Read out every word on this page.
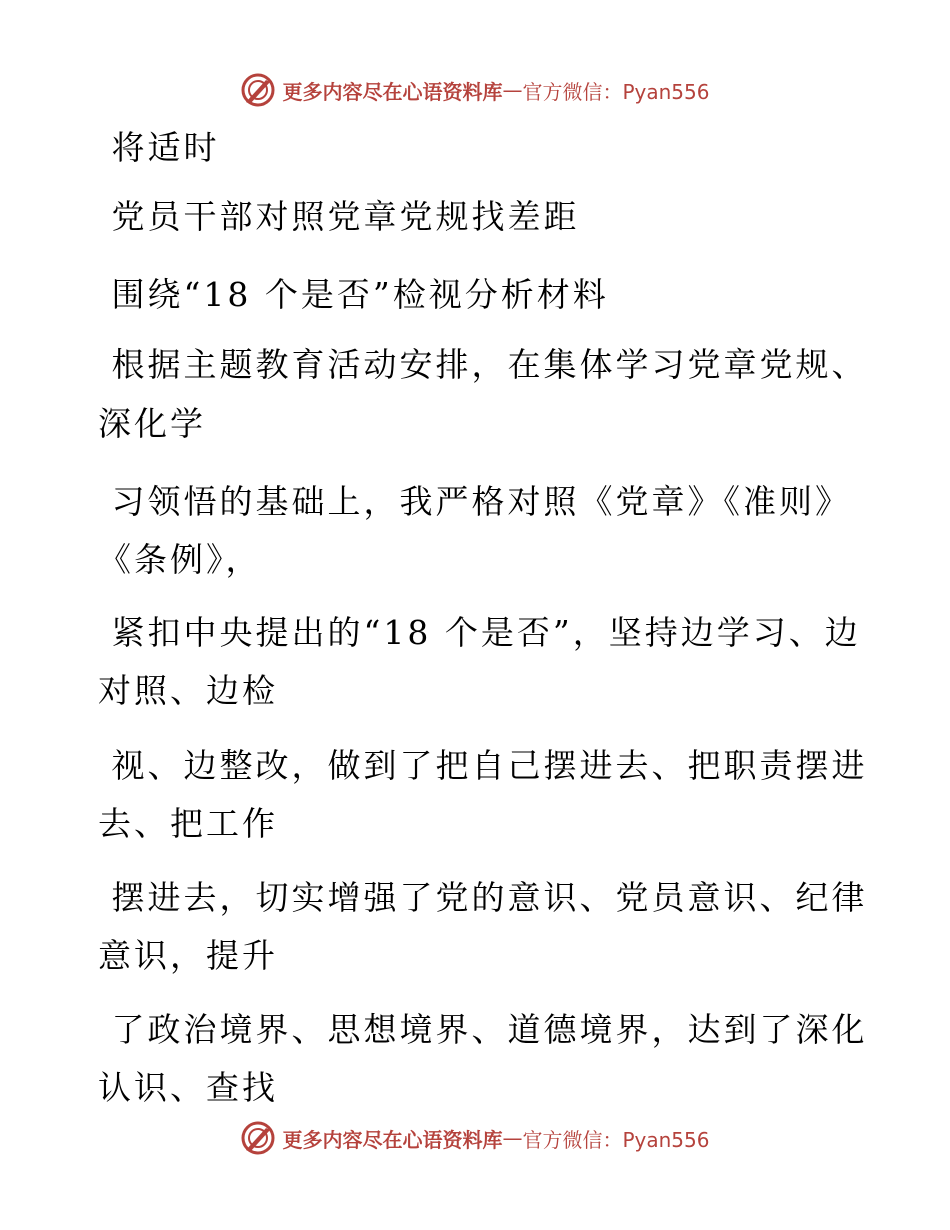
更多内容尽在心语资料库 — 官方微信：Pyan556
将适时
党员干部对照党章党规找差距
围绕“18 个是否”检视分析材料
根据主题教育活动安排，在集体学习党章党规、
深化学
习领悟的基础上，我严格对照《党章》《准则》
《条例》，
紧扣中央提出的“18 个是否”，坚持边学习、边
对照、边检
视、边整改，做到了把自己摆进去、把职责摆进
去、把工作
摆进去，切实增强了党的意识、党员意识、纪律
意识，提升
了政治境界、思想境界、道德境界，达到了深化
认识、查找
更多内容尽在心语资料库 — 官方微信：Pyan556
